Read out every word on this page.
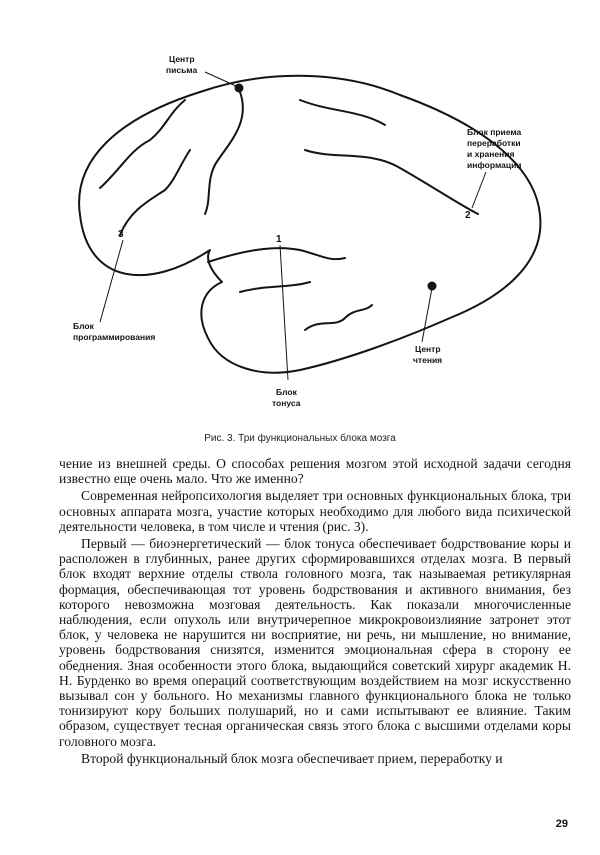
Центр
письма
Блок приема
переработки
и хранения
информации
2
3	1
Блок
программирования
Центр
чтения
Блок
тонуса
Рис. 3. Три функциональных блока мозга

чение из внешней среды. О способах решения мозгом этой исходной задачи сегодня известно еще очень мало. Что же именно?

Современная нейропсихология выделяет три основных функциональных блока, три основных аппарата мозга, участие которых необходимо для любого вида психической деятельности человека, в том числе и чтения (рис. 3).

Первый — биоэнергетический — блок тонуса обеспечивает бодрствование коры и расположен в глубинных, ранее других сформировавшихся отделах мозга. В первый блок входят верхние отделы ствола головного мозга, так называемая ретикулярная формация, обеспечивающая тот уровень бодрствования и активного внимания, без которого невозможна мозговая деятельность. Как показали многочисленные наблюдения, если опухоль или внутричерепное микрокровоизлияние затронет этот блок, у человека не нарушится ни восприятие, ни речь, ни мышление, но внимание, уровень бодрствования снизятся, изменится эмоциональная сфера в сторону ее обеднения. Зная особенности этого блока, выдающийся советский хирург академик Н. Н. Бурденко во время операций соответствующим воздействием на мозг искусственно вызывал сон у больного. Но механизмы главного функционального блока не только тонизируют кору больших полушарий, но и сами испытывают ее влияние. Таким образом, существует тесная органическая связь этого блока с высшими отделами коры головного мозга.

Второй функциональный блок мозга обеспечивает прием, переработку и

29
